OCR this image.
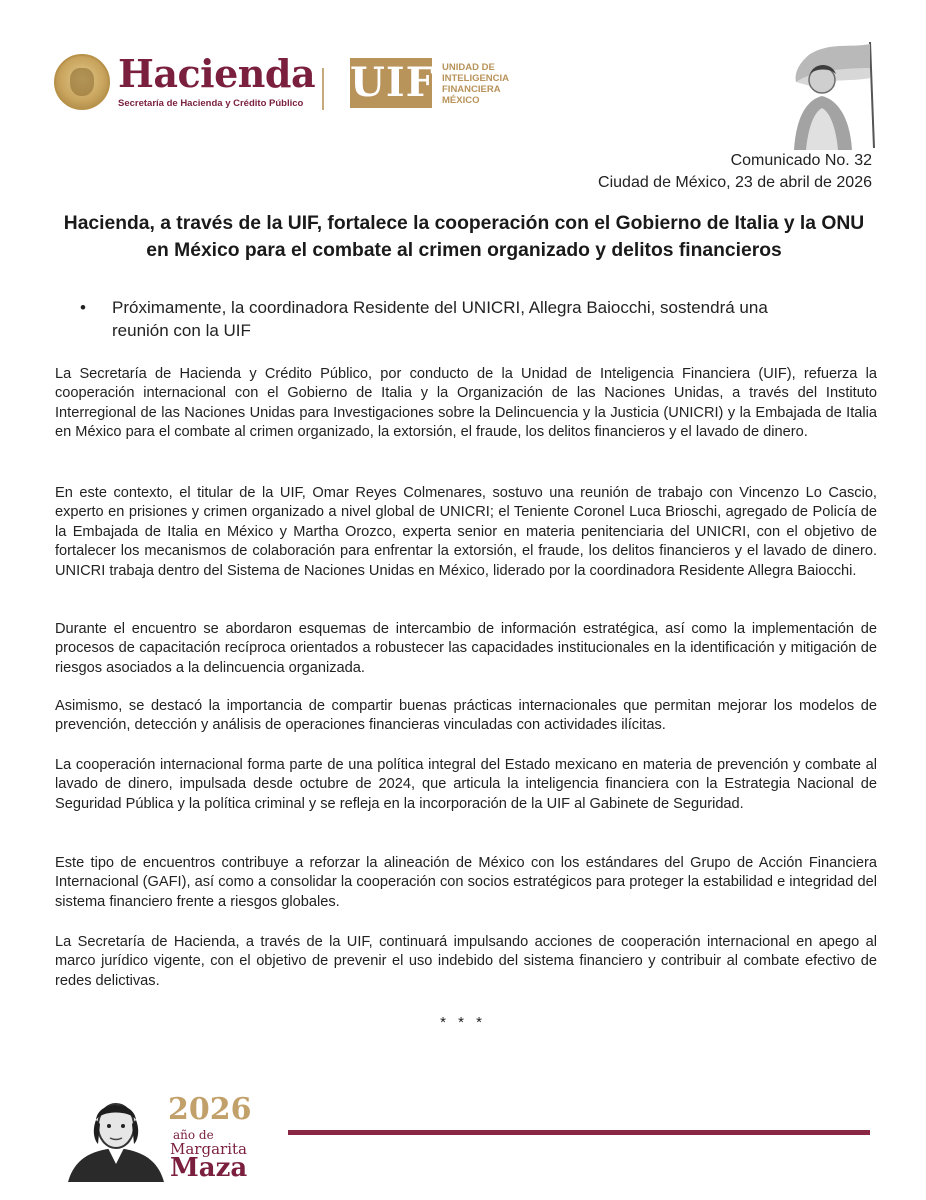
Hacienda
Secretaría de Hacienda y Crédito Público UIF UNIDAD DE
INTELIGENCIA
FINANCIERA
MÉXICO
Comunicado No. 32
Ciudad de México, 23 de abril de 2026
Hacienda, a través de la UIF, fortalece la cooperación con el Gobierno de Italia y la ONU en México para el combate al crimen organizado y delitos financieros
• Próximamente, la coordinadora Residente del UNICRI, Allegra Baiocchi, sostendrá una reunión con la UIF
La Secretaría de Hacienda y Crédito Público, por conducto de la Unidad de Inteligencia Financiera (UIF), refuerza la cooperación internacional con el Gobierno de Italia y la Organización de las Naciones Unidas, a través del Instituto Interregional de las Naciones Unidas para Investigaciones sobre la Delincuencia y la Justicia (UNICRI) y la Embajada de Italia en México para el combate al crimen organizado, la extorsión, el fraude, los delitos financieros y el lavado de dinero.
En este contexto, el titular de la UIF, Omar Reyes Colmenares, sostuvo una reunión de trabajo con Vincenzo Lo Cascio, experto en prisiones y crimen organizado a nivel global de UNICRI; el Teniente Coronel Luca Brioschi, agregado de Policía de la Embajada de Italia en México y Martha Orozco, experta senior en materia penitenciaria del UNICRI, con el objetivo de fortalecer los mecanismos de colaboración para enfrentar la extorsión, el fraude, los delitos financieros y el lavado de dinero. UNICRI trabaja dentro del Sistema de Naciones Unidas en México, liderado por la coordinadora Residente Allegra Baiocchi.
Durante el encuentro se abordaron esquemas de intercambio de información estratégica, así como la implementación de procesos de capacitación recíproca orientados a robustecer las capacidades institucionales en la identificación y mitigación de riesgos asociados a la delincuencia organizada.
Asimismo, se destacó la importancia de compartir buenas prácticas internacionales que permitan mejorar los modelos de prevención, detección y análisis de operaciones financieras vinculadas con actividades ilícitas.
La cooperación internacional forma parte de una política integral del Estado mexicano en materia de prevención y combate al lavado de dinero, impulsada desde octubre de 2024, que articula la inteligencia financiera con la Estrategia Nacional de Seguridad Pública y la política criminal y se refleja en la incorporación de la UIF al Gabinete de Seguridad.
Este tipo de encuentros contribuye a reforzar la alineación de México con los estándares del Grupo de Acción Financiera Internacional (GAFI), así como a consolidar la cooperación con socios estratégicos para proteger la estabilidad e integridad del sistema financiero frente a riesgos globales.
La Secretaría de Hacienda, a través de la UIF, continuará impulsando acciones de cooperación internacional en apego al marco jurídico vigente, con el objetivo de prevenir el uso indebido del sistema financiero y contribuir al combate efectivo de redes delictivas.
* * *
2026
año de
Margarita
Maza
